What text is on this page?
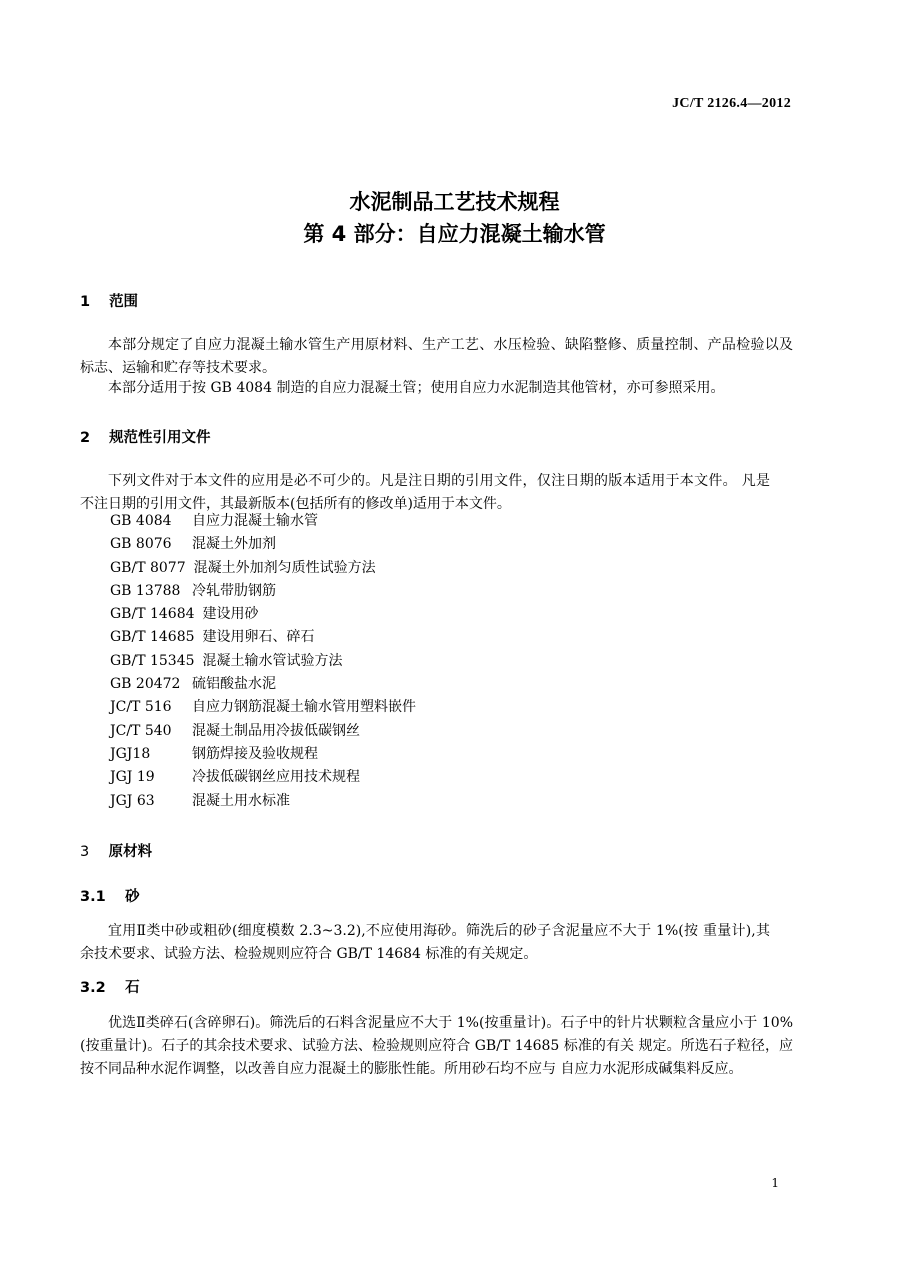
JC/T 2126.4—2012
水泥制品工艺技术规程
第 4 部分：自应力混凝土输水管
1 范围
本部分规定了自应力混凝土输水管生产用原材料、生产工艺、水压检验、缺陷整修、质量控制、产品检验以及标志、运输和贮存等技术要求。
本部分适用于按 GB 4084 制造的自应力混凝土管；使用自应力水泥制造其他管材，亦可参照采用。
2 规范性引用文件
下列文件对于本文件的应用是必不可少的。凡是注日期的引用文件，仅注日期的版本适用于本文件。 凡是不注日期的引用文件，其最新版本(包括所有的修改单)适用于本文件。
GB 4084 自应力混凝土输水管
GB 8076 混凝土外加剂
GB/T 8077 混凝土外加剂匀质性试验方法
GB 13788 冷轧带肋钢筋
GB/T 14684 建设用砂
GB/T 14685 建设用卵石、碎石
GB/T 15345 混凝土输水管试验方法
GB 20472 硫铝酸盐水泥
JC/T 516 自应力钢筋混凝土输水管用塑料嵌件
JC/T 540 混凝土制品用冷拔低碳钢丝
JGJ18	钢筋焊接及验收规程
JGJ 19	冷拔低碳钢丝应用技术规程
JGJ 63	混凝土用水标准
3 原材料
3.1 砂
宜用Ⅱ类中砂或粗砂(细度模数 2.3~3.2),不应使用海砂。筛洗后的砂子含泥量应不大于 1%(按 重量计),其余技术要求、试验方法、检验规则应符合 GB/T 14684 标准的有关规定。
3.2 石
优选Ⅱ类碎石(含碎卵石)。筛洗后的石料含泥量应不大于 1%(按重量计)。石子中的针片状颗粒含量应小于 10%(按重量计)。石子的其余技术要求、试验方法、检验规则应符合 GB/T 14685 标准的有关 规定。所选石子粒径，应按不同品种水泥作调整，以改善自应力混凝土的膨胀性能。所用砂石均不应与 自应力水泥形成碱集料反应。
1
